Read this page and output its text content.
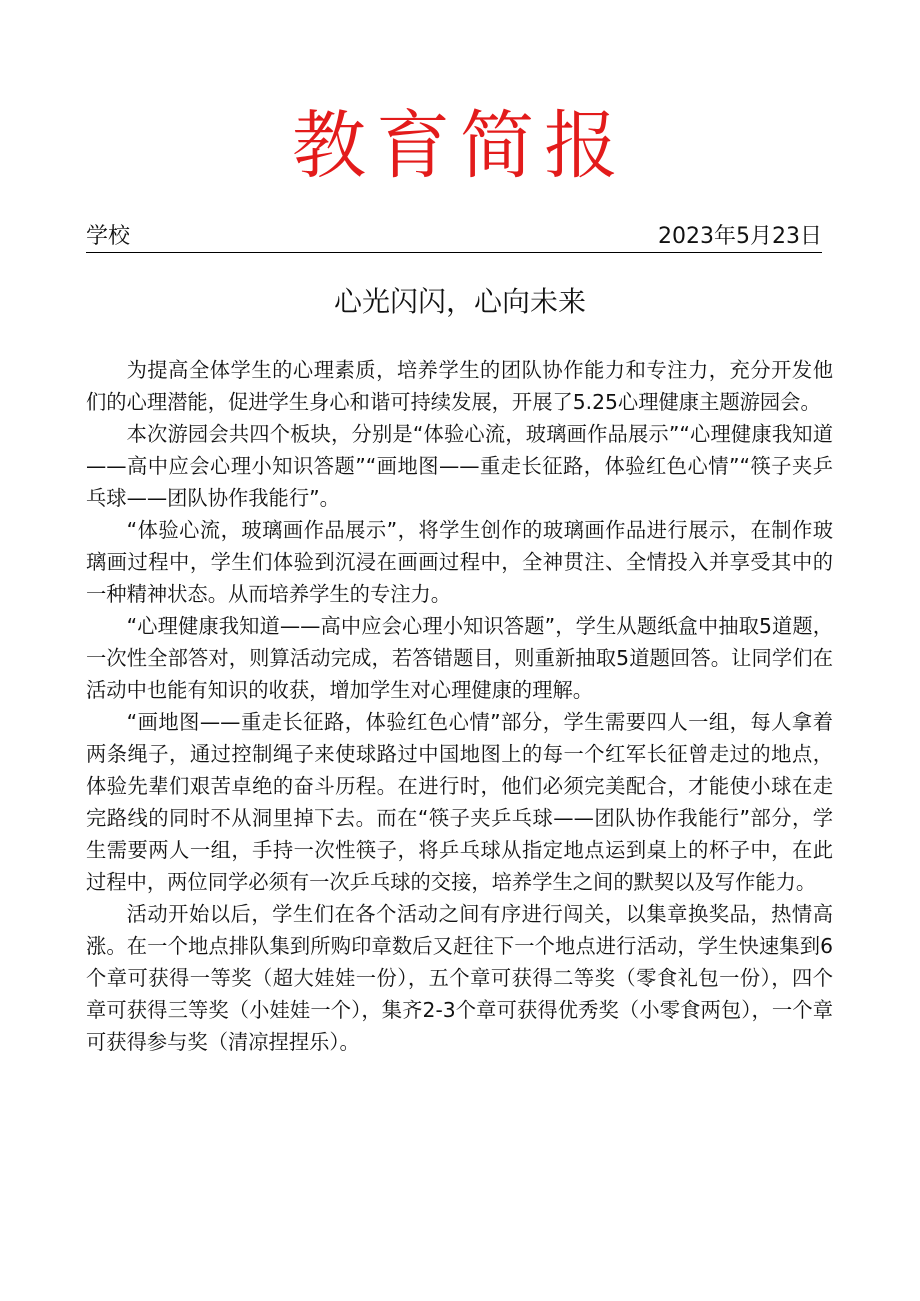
教育简报
学校	2023年5月23日
心光闪闪，心向未来

为提高全体学生的心理素质，培养学生的团队协作能力和专注力，充分开发他们的心理潜能，促进学生身心和谐可持续发展，开展了5.25心理健康主题游园会。

本次游园会共四个板块，分别是“体验心流，玻璃画作品展示”“心理健康我知道——高中应会心理小知识答题”“画地图——重走长征路，体验红色心情”“筷子夹乒乓球——团队协作我能行”。

“体验心流，玻璃画作品展示”，将学生创作的玻璃画作品进行展示，在制作玻璃画过程中，学生们体验到沉浸在画画过程中，全神贯注、全情投入并享受其中的一种精神状态。从而培养学生的专注力。

“心理健康我知道——高中应会心理小知识答题”，学生从题纸盒中抽取5道题，一次性全部答对，则算活动完成，若答错题目，则重新抽取5道题回答。让同学们在活动中也能有知识的收获，增加学生对心理健康的理解。

“画地图——重走长征路，体验红色心情”部分，学生需要四人一组，每人拿着两条绳子，通过控制绳子来使球路过中国地图上的每一个红军长征曾走过的地点，体验先辈们艰苦卓绝的奋斗历程。在进行时，他们必须完美配合，才能使小球在走完路线的同时不从洞里掉下去。而在“筷子夹乒乓球——团队协作我能行”部分，学生需要两人一组，手持一次性筷子，将乒乓球从指定地点运到桌上的杯子中，在此过程中，两位同学必须有一次乒乓球的交接，培养学生之间的默契以及写作能力。

活动开始以后，学生们在各个活动之间有序进行闯关，以集章换奖品，热情高涨。在一个地点排队集到所购印章数后又赶往下一个地点进行活动，学生快速集到6个章可获得一等奖（超大娃娃一份），五个章可获得二等奖（零食礼包一份），四个章可获得三等奖（小娃娃一个），集齐2-3个章可获得优秀奖（小零食两包），一个章可获得参与奖（清凉捏捏乐）。
